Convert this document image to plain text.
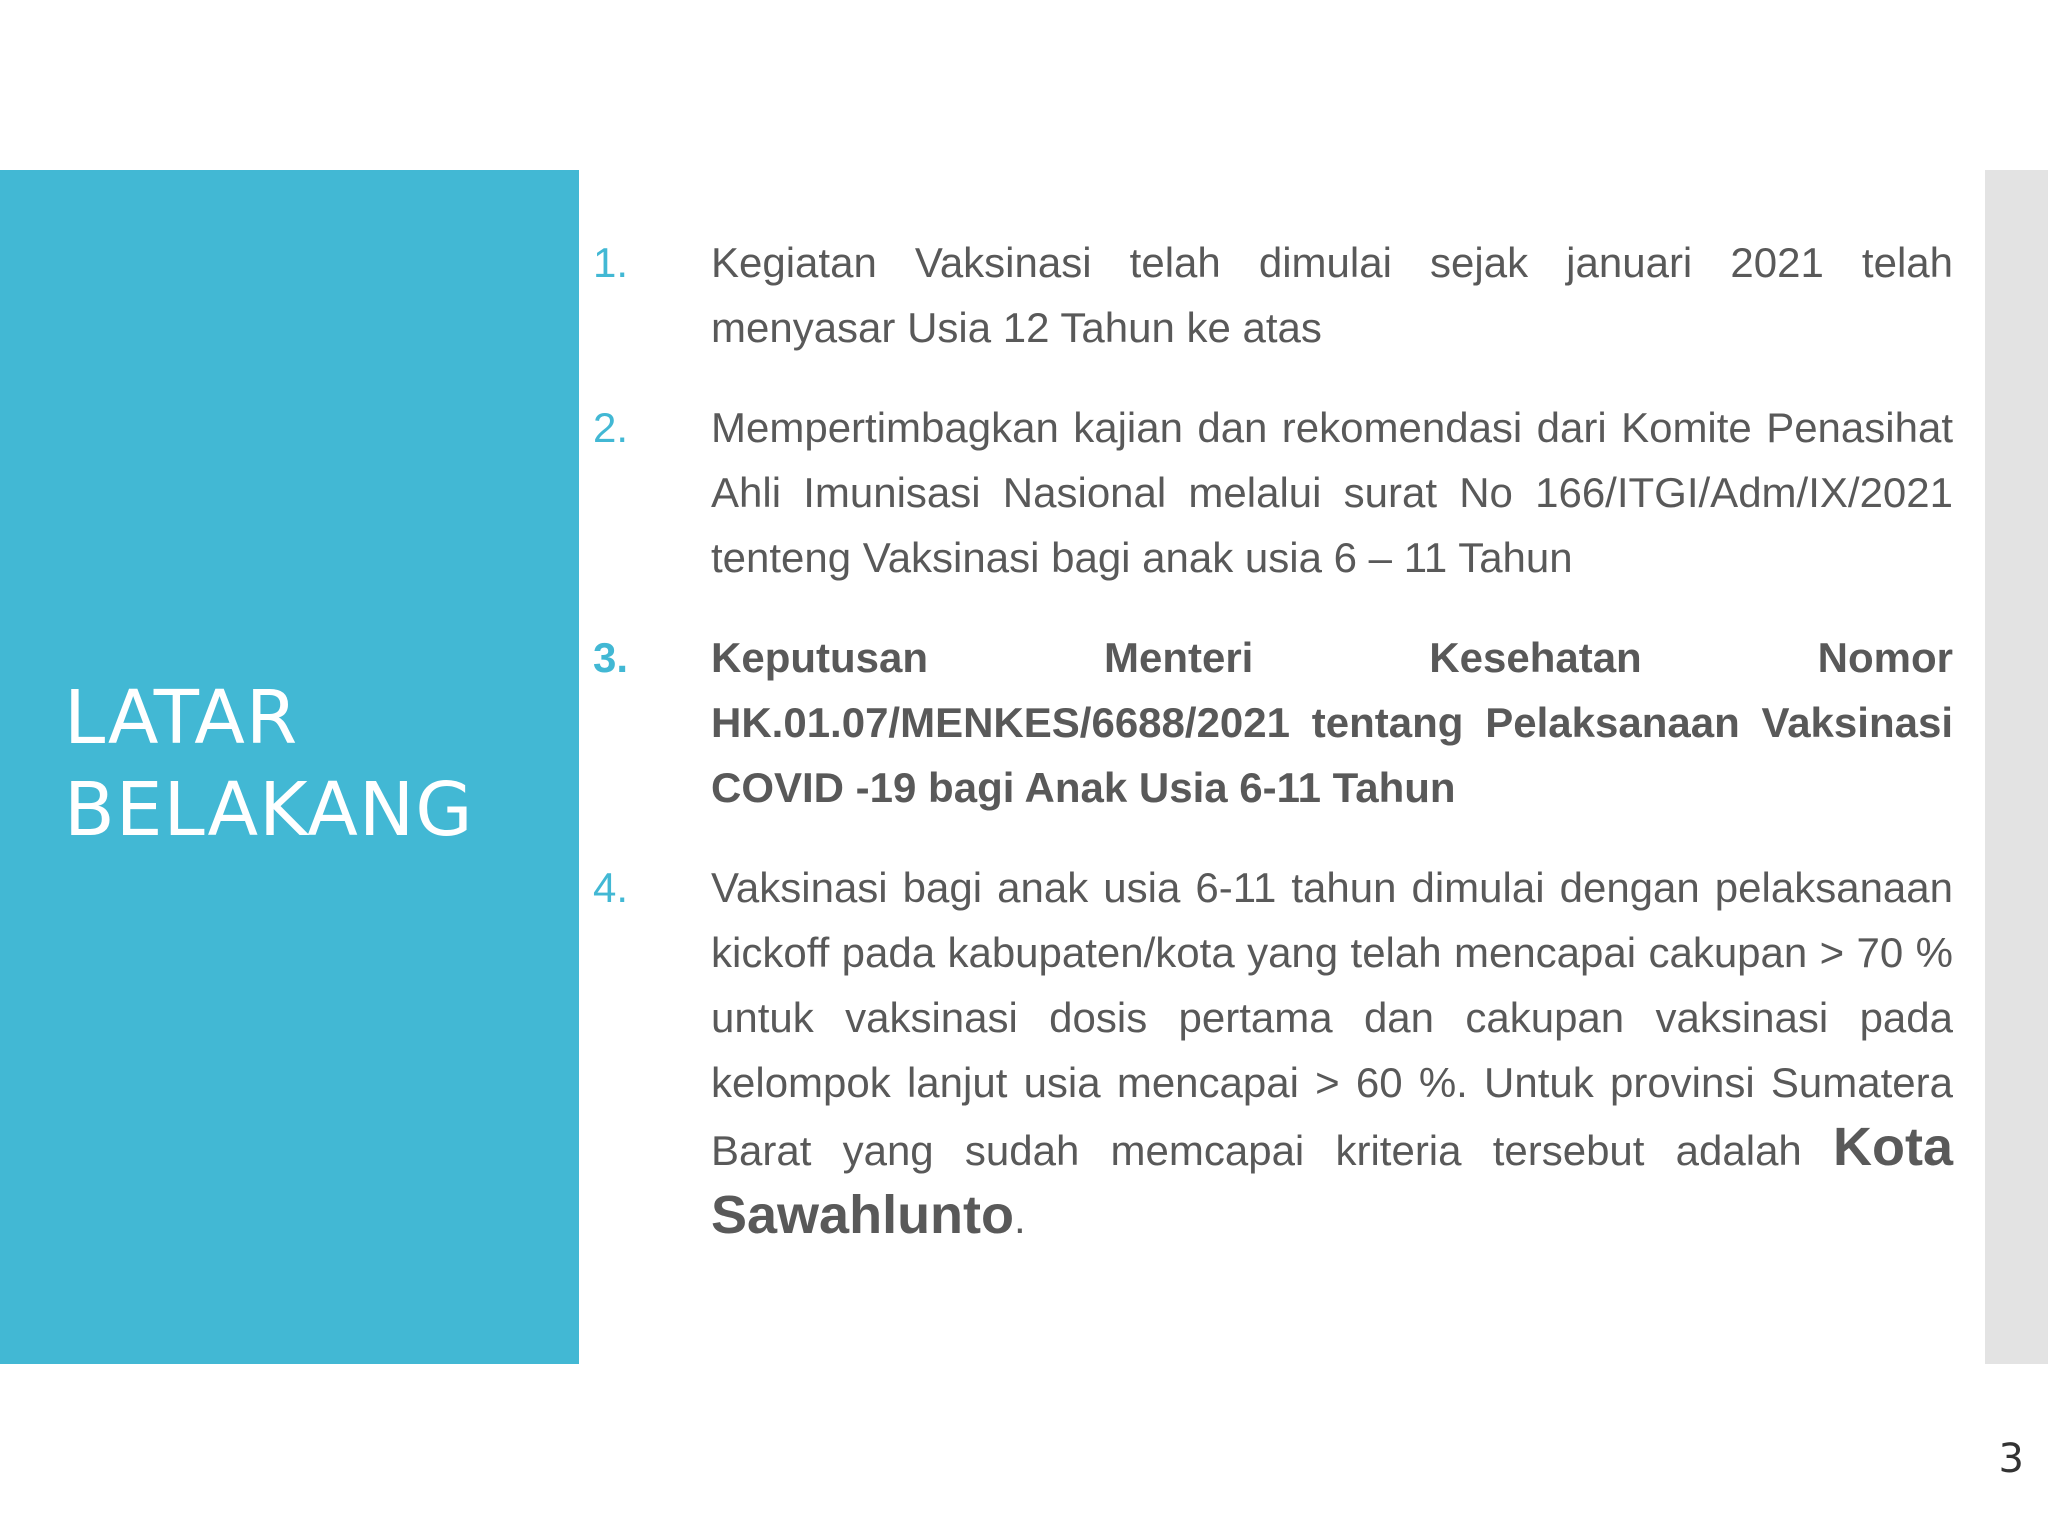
LATAR
BELAKANG
1.	Kegiatan Vaksinasi telah dimulai sejak januari 2021 telah menyasar Usia 12 Tahun ke atas
2.	Mempertimbagkan kajian dan rekomendasi dari Komite Penasihat Ahli Imunisasi Nasional melalui surat No 166/ITGI/Adm/IX/2021 tenteng Vaksinasi bagi anak usia 6 – 11 Tahun
3.	Keputusan Menteri Kesehatan Nomor HK.01.07/MENKES/6688/2021 tentang Pelaksanaan Vaksinasi COVID -19 bagi Anak Usia 6-11 Tahun
4.	Vaksinasi bagi anak usia 6-11 tahun dimulai dengan pelaksanaan kickoff pada kabupaten/kota yang telah mencapai cakupan > 70 % untuk vaksinasi dosis pertama dan cakupan vaksinasi pada kelompok lanjut usia mencapai > 60 %. Untuk provinsi Sumatera Barat yang sudah memcapai kriteria tersebut adalah Kota Sawahlunto.
3
